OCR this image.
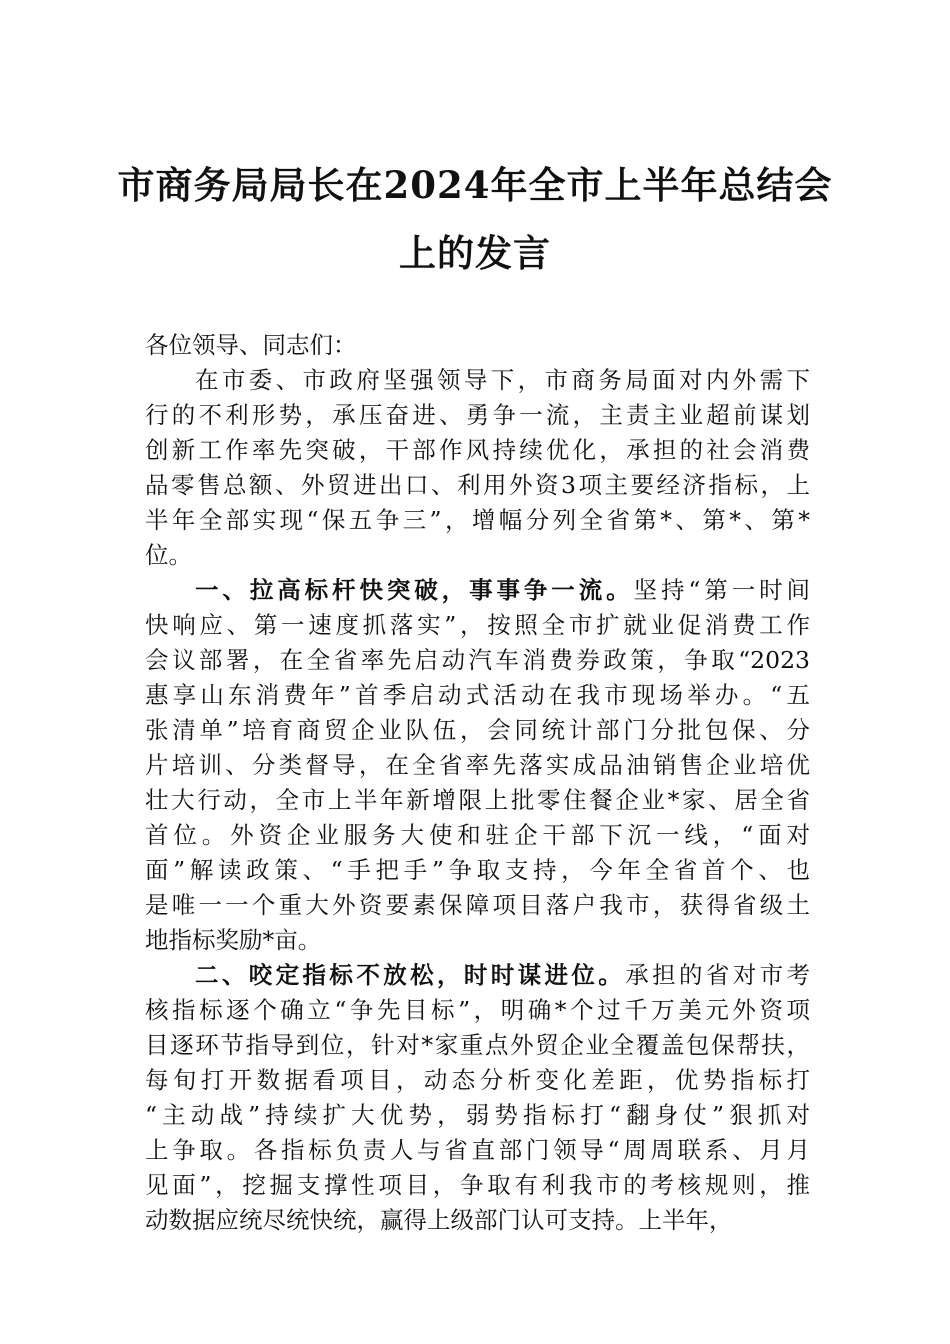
市商务局局长在2024年全市上半年总结会
上的发言
各位领导、同志们：
在市委、市政府坚强领导下，市商务局面对内外需下
行的不利形势，承压奋进、勇争一流，主责主业超前谋划
创新工作率先突破，干部作风持续优化，承担的社会消费
品零售总额、外贸进出口、利用外资3项主要经济指标，上
半年全部实现“保五争三”，增幅分列全省第*、第*、第*
位。
一、拉高标杆快突破，事事争一流。坚持“第一时间
快响应、第一速度抓落实”，按照全市扩就业促消费工作
会议部署，在全省率先启动汽车消费券政策，争取“2023
惠享山东消费年”首季启动式活动在我市现场举办。“五
张清单”培育商贸企业队伍，会同统计部门分批包保、分
片培训、分类督导，在全省率先落实成品油销售企业培优
壮大行动，全市上半年新增限上批零住餐企业*家、居全省
首位。外资企业服务大使和驻企干部下沉一线，“面对
面”解读政策、“手把手”争取支持，今年全省首个、也
是唯一一个重大外资要素保障项目落户我市，获得省级土
地指标奖励*亩。
二、咬定指标不放松，时时谋进位。承担的省对市考
核指标逐个确立“争先目标”，明确*个过千万美元外资项
目逐环节指导到位，针对*家重点外贸企业全覆盖包保帮扶，
每旬打开数据看项目，动态分析变化差距，优势指标打
“主动战”持续扩大优势，弱势指标打“翻身仗”狠抓对
上争取。各指标负责人与省直部门领导“周周联系、月月
见面”，挖掘支撑性项目，争取有利我市的考核规则，推
动数据应统尽统快统，赢得上级部门认可支持。上半年，
